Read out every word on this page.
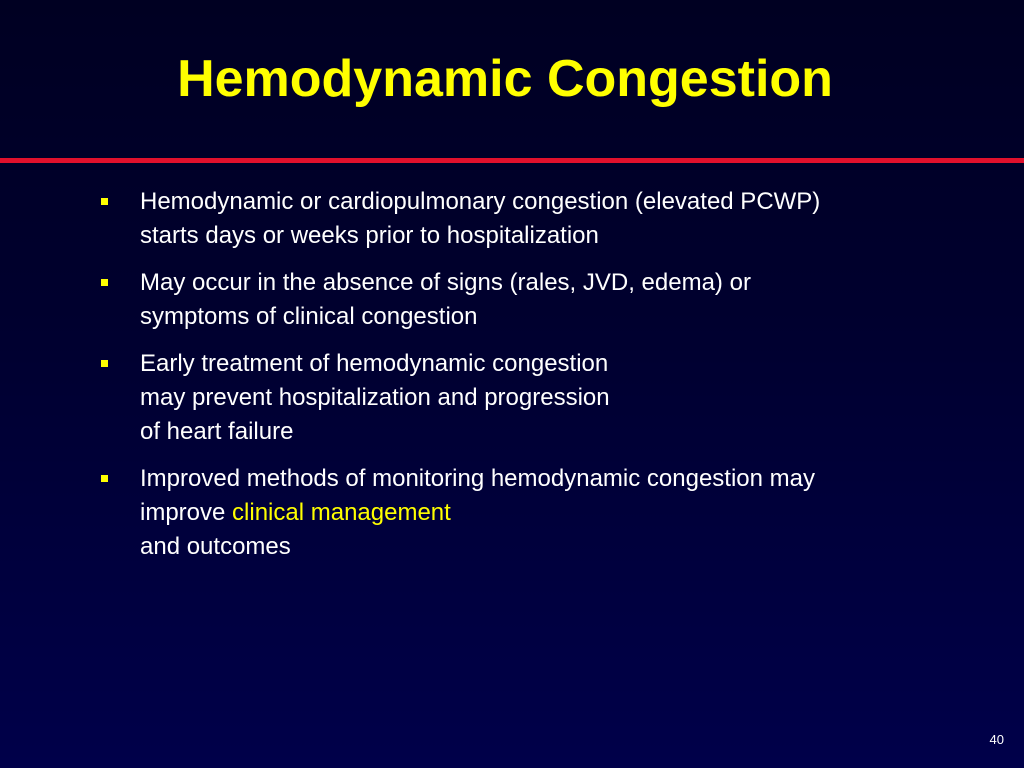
Hemodynamic Congestion
Hemodynamic or cardiopulmonary congestion (elevated PCWP)
starts days or weeks prior to hospitalization
May occur in the absence of signs (rales, JVD, edema) or
symptoms of clinical congestion
Early treatment of hemodynamic congestion
may prevent hospitalization and progression
of heart failure
Improved methods of monitoring hemodynamic congestion may
improve clinical management
and outcomes
40
